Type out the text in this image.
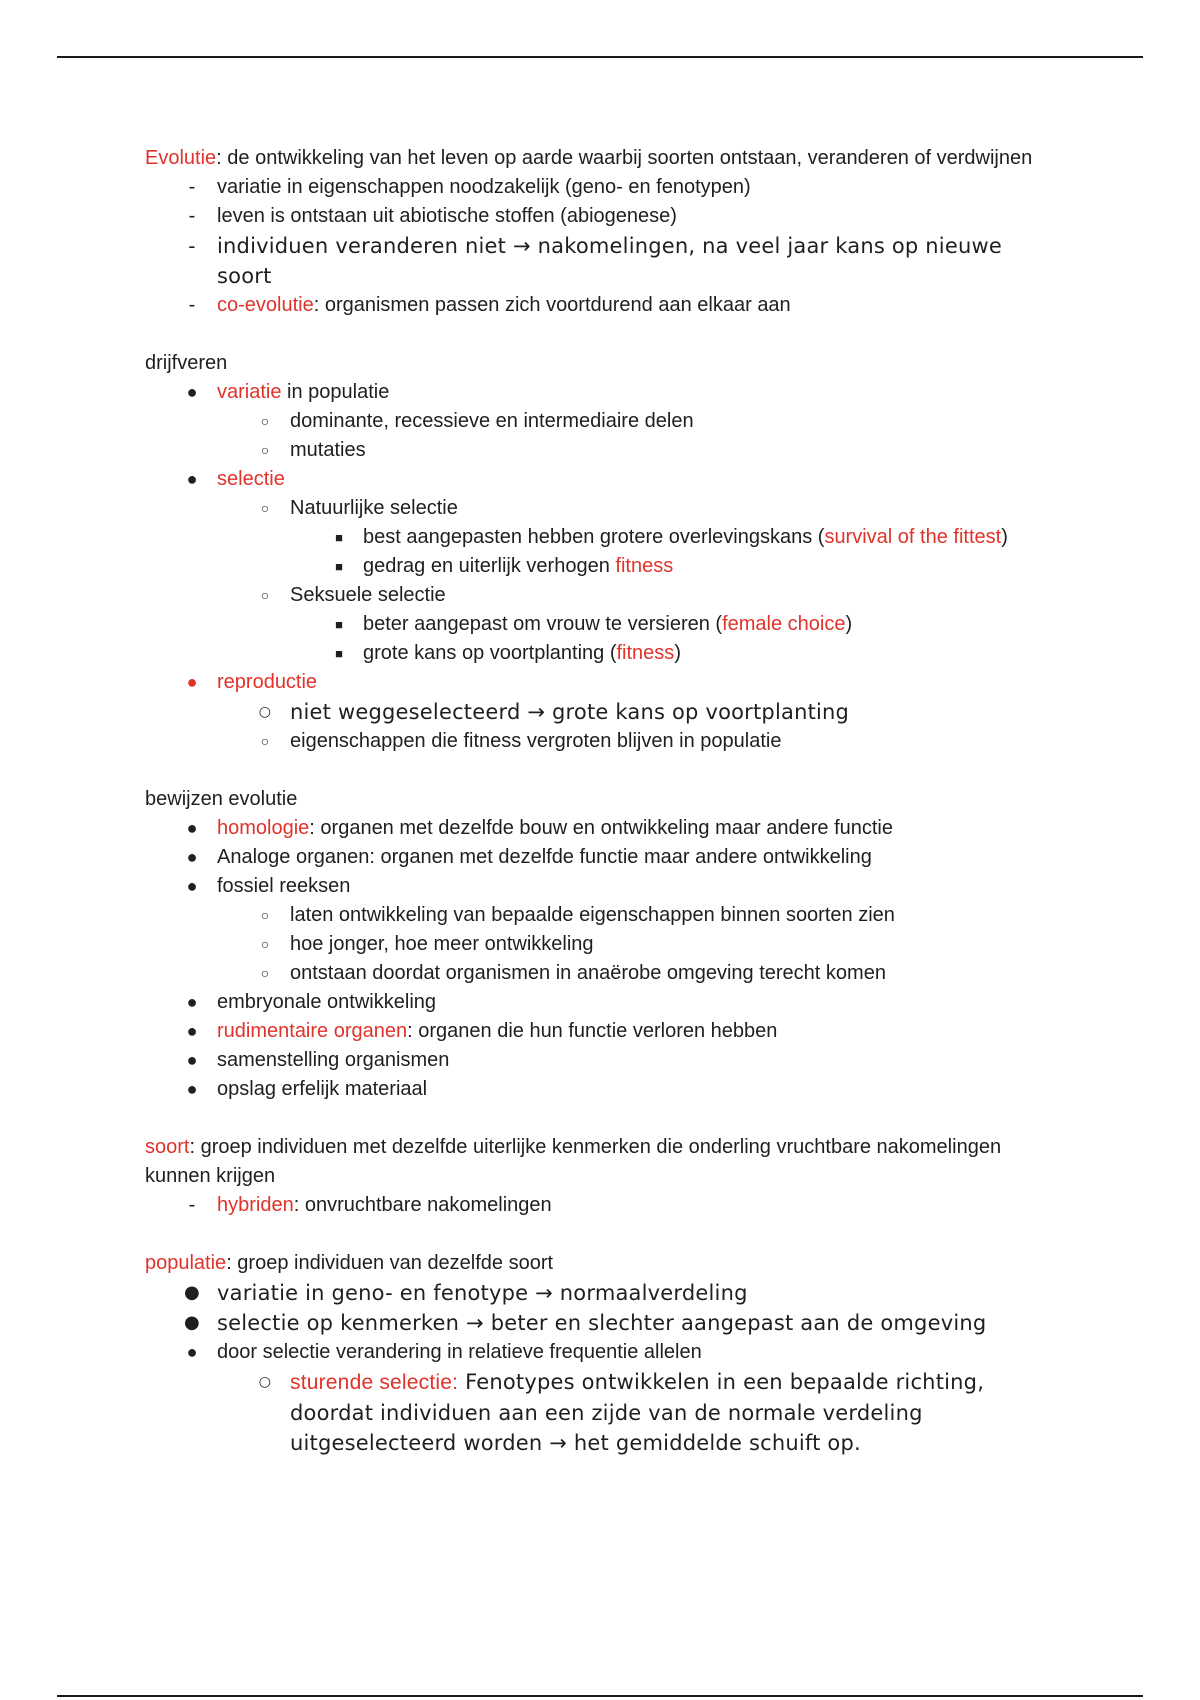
Evolutie: de ontwikkeling van het leven op aarde waarbij soorten ontstaan, veranderen of verdwijnen
-	variatie in eigenschappen noodzakelijk (geno- en fenotypen)
-	leven is ontstaan uit abiotische stoffen (abiogenese)
- individuen veranderen niet → nakomelingen, na veel jaar kans op nieuwe soort
-	co-evolutie: organismen passen zich voortdurend aan elkaar aan
drijfveren
● variatie in populatie
○ dominante, recessieve en intermediaire delen
○ mutaties
● selectie
○ Natuurlijke selectie
■	best aangepasten hebben grotere overlevingskans (survival of the fittest)
■	gedrag en uiterlijk verhogen fitness
○ Seksuele selectie
■	beter aangepast om vrouw te versieren (female choice)
■	grote kans op voortplanting (fitness)
● reproductie
○ niet weggeselecteerd → grote kans op voortplanting
○ eigenschappen die fitness vergroten blijven in populatie
bewijzen evolutie
● homologie: organen met dezelfde bouw en ontwikkeling maar andere functie
● Analoge organen: organen met dezelfde functie maar andere ontwikkeling
● fossiel reeksen
○ laten ontwikkeling van bepaalde eigenschappen binnen soorten zien
○ hoe jonger, hoe meer ontwikkeling
○ ontstaan doordat organismen in anaërobe omgeving terecht komen
● embryonale ontwikkeling
● rudimentaire organen: organen die hun functie verloren hebben
● samenstelling organismen
● opslag erfelijk materiaal
soort: groep individuen met dezelfde uiterlijke kenmerken die onderling vruchtbare nakomelingen kunnen krijgen
-	hybriden: onvruchtbare nakomelingen
populatie: groep individuen van dezelfde soort
● variatie in geno- en fenotype → normaalverdeling
● selectie op kenmerken → beter en slechter aangepast aan de omgeving
● door selectie verandering in relatieve frequentie allelen
○ sturende selectie: Fenotypes ontwikkelen in een bepaalde richting, doordat individuen aan een zijde van de normale verdeling uitgeselecteerd worden → het gemiddelde schuift op.
